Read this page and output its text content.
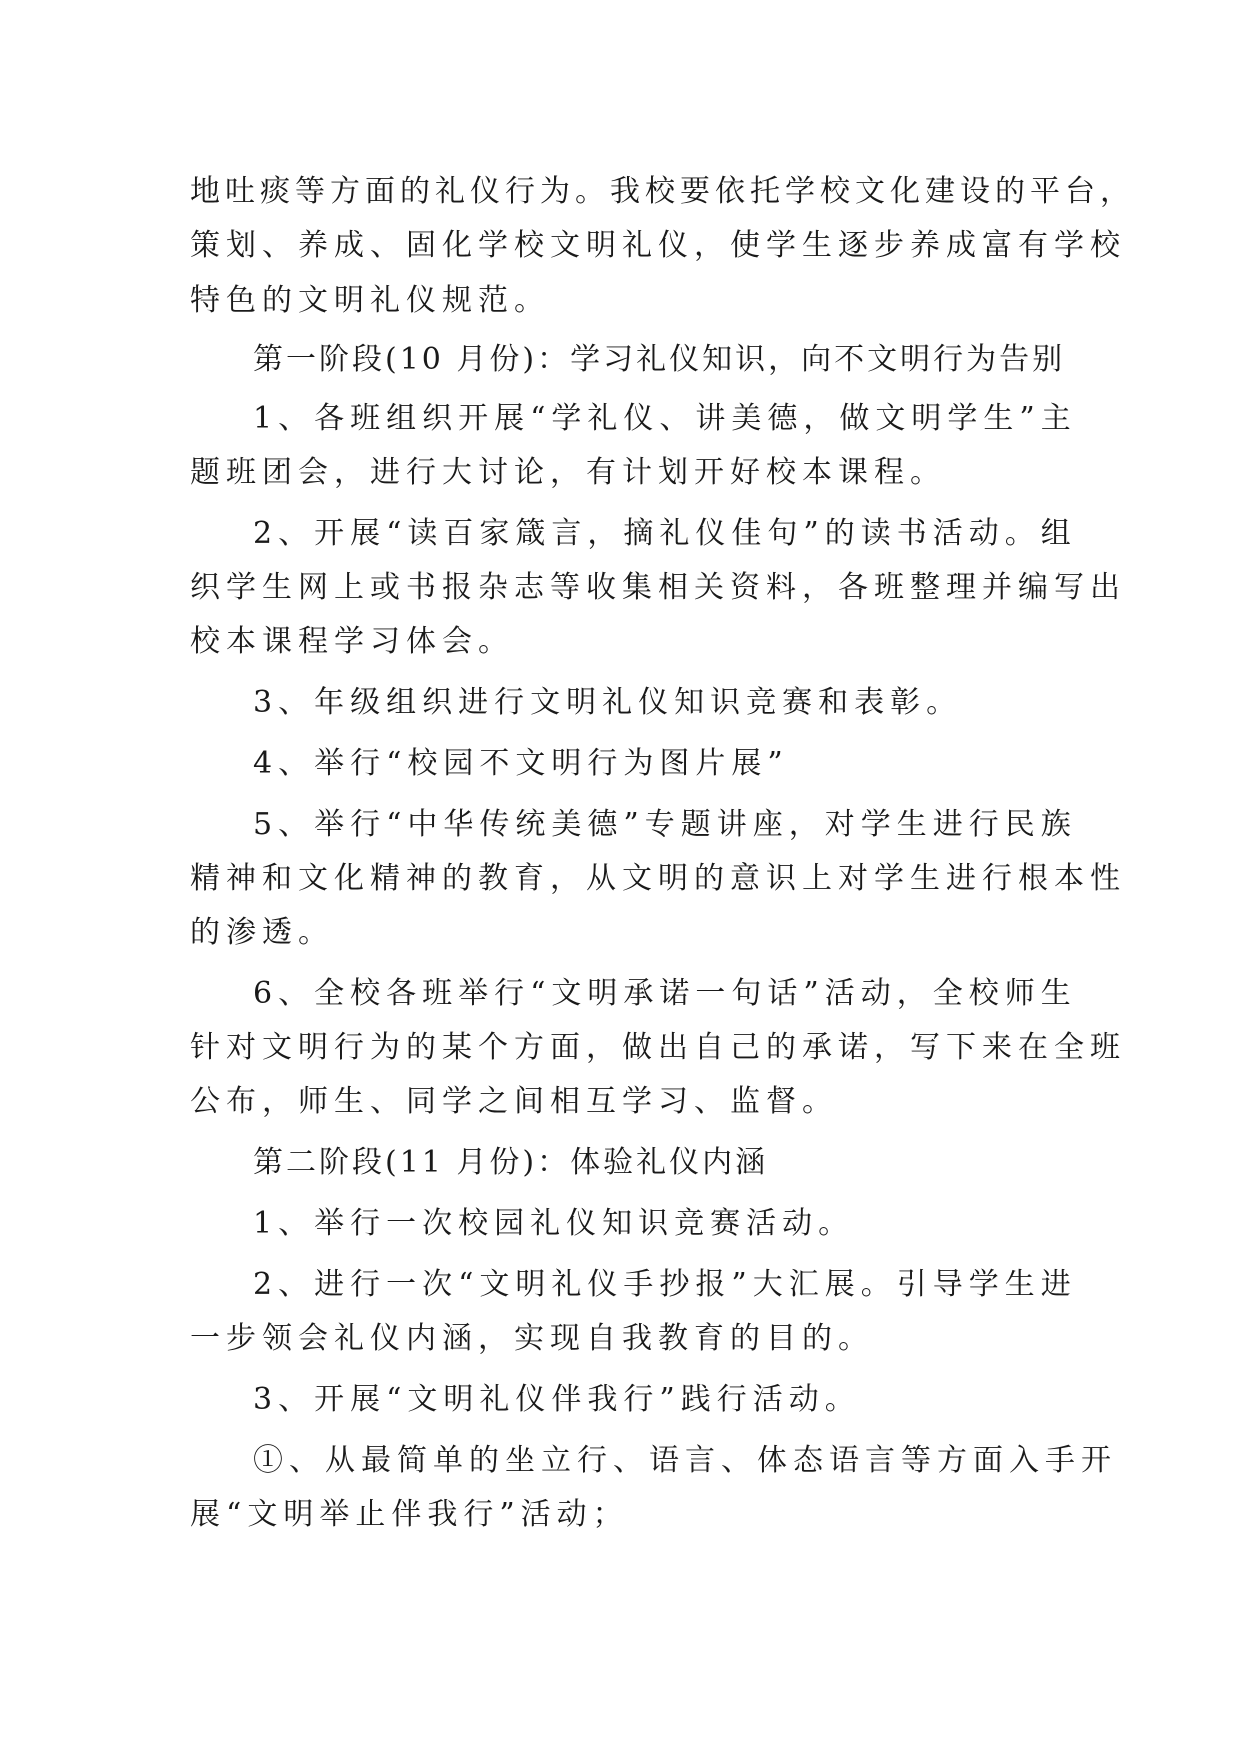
地吐痰等方面的礼仪行为。我校要依托学校文化建设的平台，
策划、养成、固化学校文明礼仪，使学生逐步养成富有学校
特色的文明礼仪规范。
第一阶段(10 月份)：学习礼仪知识，向不文明行为告别
1、各班组织开展“学礼仪、讲美德，做文明学生”主
题班团会，进行大讨论，有计划开好校本课程。
2、开展“读百家箴言，摘礼仪佳句”的读书活动。组
织学生网上或书报杂志等收集相关资料，各班整理并编写出
校本课程学习体会。
3、年级组织进行文明礼仪知识竞赛和表彰。
4、举行“校园不文明行为图片展”
5、举行“中华传统美德”专题讲座，对学生进行民族
精神和文化精神的教育，从文明的意识上对学生进行根本性
的渗透。
6、全校各班举行“文明承诺一句话”活动，全校师生
针对文明行为的某个方面，做出自己的承诺，写下来在全班
公布，师生、同学之间相互学习、监督。
第二阶段(11 月份)：体验礼仪内涵
1、举行一次校园礼仪知识竞赛活动。
2、进行一次“文明礼仪手抄报”大汇展。引导学生进
一步领会礼仪内涵，实现自我教育的目的。
3、开展“文明礼仪伴我行”践行活动。
①、从最简单的坐立行、语言、体态语言等方面入手开
展“文明举止伴我行”活动；
